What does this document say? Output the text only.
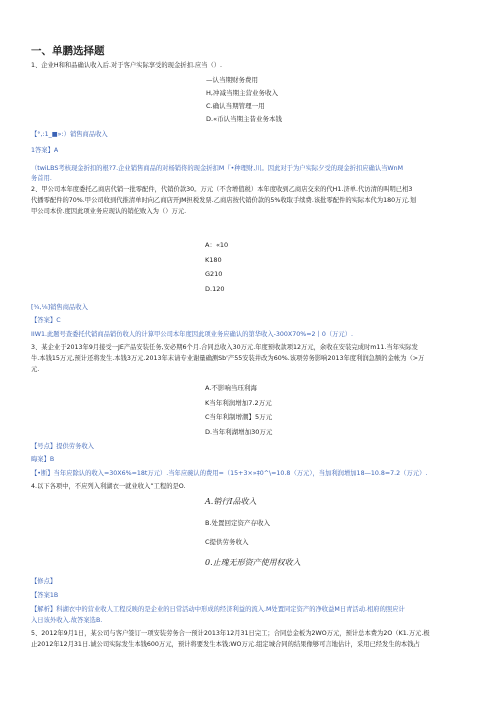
一、单鹏选择题
1、企业H和和品确认收入后.对于客户实际享受的现金折扣.应当（）.
—认当期财务费用
H,冲减当期主营业务收入
C.确认当期管理一用
D.«币认当期主昔业务本钱
【°,:1_■»:）销售商品收入
1答案】A
（twiLBS考核现金折扣的根?7.企业销售商品的对杨销佟的现金折扣M『•种理财,川。因此对于为户实际夕受的现金折扣应确认当WnM
务首用.
2、甲公司本年度委托乙商店代销一批零配件，代销价款30。万元（不含增值税）本年度收到乙商店交来的代H1.济单.代访清的叫明已相3
代播零配件的70%.甲公司收到代推清单时向乙商店开JM担税发票.乙商店按代销价款的5%收取手续费.该批零配件的实际本代为180万元.划
甲公司本价.度因此项业务应现认的销佗败入为（）万元.
A：«10
K180
G210
D.120
[¾,⅛]销售商品收入
【答案】C
IIW1.此题号查委托代销商品销仿收人的计算甲公司本年度因此项业务应确认的第华收入-300X70%=2丨0（万元）.
3、某企业于2013年9月接受一JE产品安装任务,安必期6个月.合同总收入30万元.年度预收款项12万元，余收在安装完成时m11.当年实际发
牛.本钱15万元,预计还将发生.本钱3万元.2013年末请专业谢量确测Sb'产55安装井改为60%.该项劳务影响2013年度利润急额的金帐为（>万
元.
A.不影响当珏利海
K当年利润增加7.2万元
C当年利制增潮】5万元
D.当年利湖增加30万元
【号点】提供劳务收入
晦案】B
【•断】当年应除认的收入=30X6%=18t万元）.当年应碗认的费用=（15+3×»‡0^\=10.8（万元），当加利润增加18—10.8=7.2（万元）.
4.以下各项中，不应列入利湖衣一就业收入”工程的是O.
A.销行I品收入
B.处置回定资产存收入
C提供劳务收入
0.止瑰无形资产使用权收入
【修点】
【答案1B
【解析】科湖衣中的营业收人工程反映的是企业的日常活动中形成的经济利益的流入.M处置同定资产的净收益M日青活动.相府的照应计
入日该外收入.故答案选B.
5、2012年9月1日，某公司与客户签订一项安装劳务合一预计2013年12月31日完工；合同总金板为2WO万元，预计总本费为2O（K1.万元.极
止2012年12月31日.诚公司实际发生本钱600万元，预计将要发生本钱;WO万元.组定城合同的结果像够可言地估计，采用已经发生的本钱占
